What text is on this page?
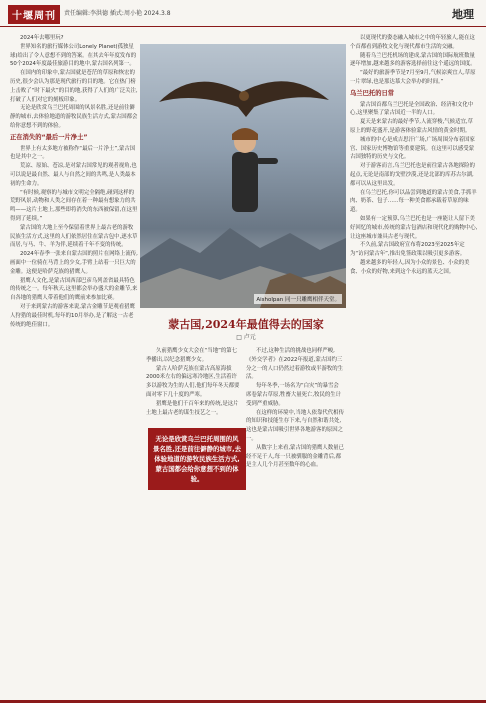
十堰周刊	责任编辑:李洪德 插式:周小艳 2024.3.8	地理

2024年去哪里玩?

世界知名的旅行媒体公司Lonely Planet(孤独星球)给出了令人意想不到的答案。在其去年年度发布的50个2024年度最佳旅游目的地中,蒙古国名列第一。

在国内的印象中,蒙古国就是苍茫的草原和恢宏的历史,很少会认为那是现代旅行的目的地。它在热门榜上击败了“时下最火”的目的地,获得了人们的广泛关注,打破了人们对它的刻板印象。

无论是欣赏乌兰巴托周围的风景名胜,还是前往僻静的城市,去体验地道的游牧民族生活方式,蒙古国都会给你意想不到的体验。

正在消失的“最后一片净土”

世界上有太多地方被称作“最后一片净土”,蒙古国也是其中之一。

荒凉、原始、苍凉,是对蒙古国常见的观者视角,也可以说是最自然、最人与自然之间的共鸣,是人类最本初的生命力。

“有时候,观察的与城市文明完全隔绝,碰到这样的荒野风景,动物和人类之间存在着一种最有想象力的共鸣——这片土地上,那些即将消失的东西被保留,在这里得到了延续。”

蒙古国的大地上至今保留着世界上最古老的游牧民族生活方式,这里的人们依然居住在蒙古包中,逐水草而居,与马、牛、羊为伴,延续着千年不变的传统。

2024年春季一张来自蒙古国的照片在网络上流传,画面中一位骑在马背上的少女,手臂上站着一只巨大的金雕。这便是哈萨克族的猎鹰人。

猎鹰人文化,是蒙古国西部巴彦乌列盖省最具特色的传统之一。每年秋天,这里都会举办盛大的金雕节,来自各地的猎鹰人带着他们的鹰前来参加比赛。

对于来到蒙古的游客来说,蒙古金雕节是观看猎鹰人狩猎的最佳时机,每年的10月举办,是了解这一古老传统的绝佳窗口。

Aisholpan 同一只雕鹰相伴天堂。
蒙古国,2024年最值得去的国家
□ 卢元

久前猎鹰少女大会在“当地”的第七季播出,以纪念猎鹰少女。

蒙古人哈萨克族在蒙古高原海拔2000米左右的偏远寒冷地区,生活着许多以游牧为生的人们,他们每年冬天都要面对零下几十度的严寒。

猎鹰是他们千百年来的传统,是这片土地上最古老的谋生技艺之一。

无论是欣赏乌兰巴托周围的风景名胜,还是前往僻静的城市,去体验地道的游牧民族生活方式,蒙古国都会给你意想不到的体验。

不过,这种生活的挑战也同样严峻,《外交学者》在2022年报道,蒙古国约三分之一的人口仍然过着游牧或半游牧的生活。

每年冬季,一场名为“白灾”的暴雪会席卷蒙古草原,牲畜大量死亡,牧民的生计受到严重威胁。

在这样的环境中,当地人依靠代代相传的知识和技能生存下来,与自然和谐共处,这也是蒙古国吸引世界各地游客的原因之一。

从数字上来看,蒙古国的猎鹰人数量已经不足千人,每一只被驯服的金雕背后,都是主人几个月甚至数年的心血。

以更现代的姿态融入城市之中的年轻旅人,能在这个首都看到游牧文化与现代都市生活的交融。

随着乌兰巴托机场的建成,蒙古国的国际航班数量逐年增加,越来越多的游客选择前往这个遥远的国度。

“最好的旅游季节是7月至9月,气候凉爽宜人,草原一片翠绿,也是那达慕大会举办的时间。”

乌兰巴托的日常

蒙古国首都乌兰巴托是全国政治、经济和文化中心,这里聚集了蒙古国近一半的人口。

夏天是来蒙古的最好季节,人流穿梭,气候适宜,草原上的野花盛开,是游客体验蒙古风情的黄金时期。

城市的中心是成吉思汗广场,广场周围分布着国家宫、国家历史博物馆等重要建筑。在这里可以感受蒙古国独特的历史与文化。

对于游客而言,乌兰巴托也是前往蒙古各地探险的起点,无论是南部的戈壁沙漠,还是北部的库苏古尔湖,都可以从这里出发。

在乌兰巴托,你可以品尝到地道的蒙古美食,手抓羊肉、奶茶、包子……每一种美食都承载着草原的味道。

如果有一定预算,乌兰巴托也是一座能让人留下美好回忆的城市,传统的蒙古包酒店和现代化的购物中心,让这座城市兼具古老与现代。

不久前,蒙古国政府宣布将2023至2025年定为“访问蒙古年”,推出免签政策以吸引更多游客。

越来越多的年轻人,因为小众的景色、小众的美食、小众的好物,来到这个永远的蓝天之国。
